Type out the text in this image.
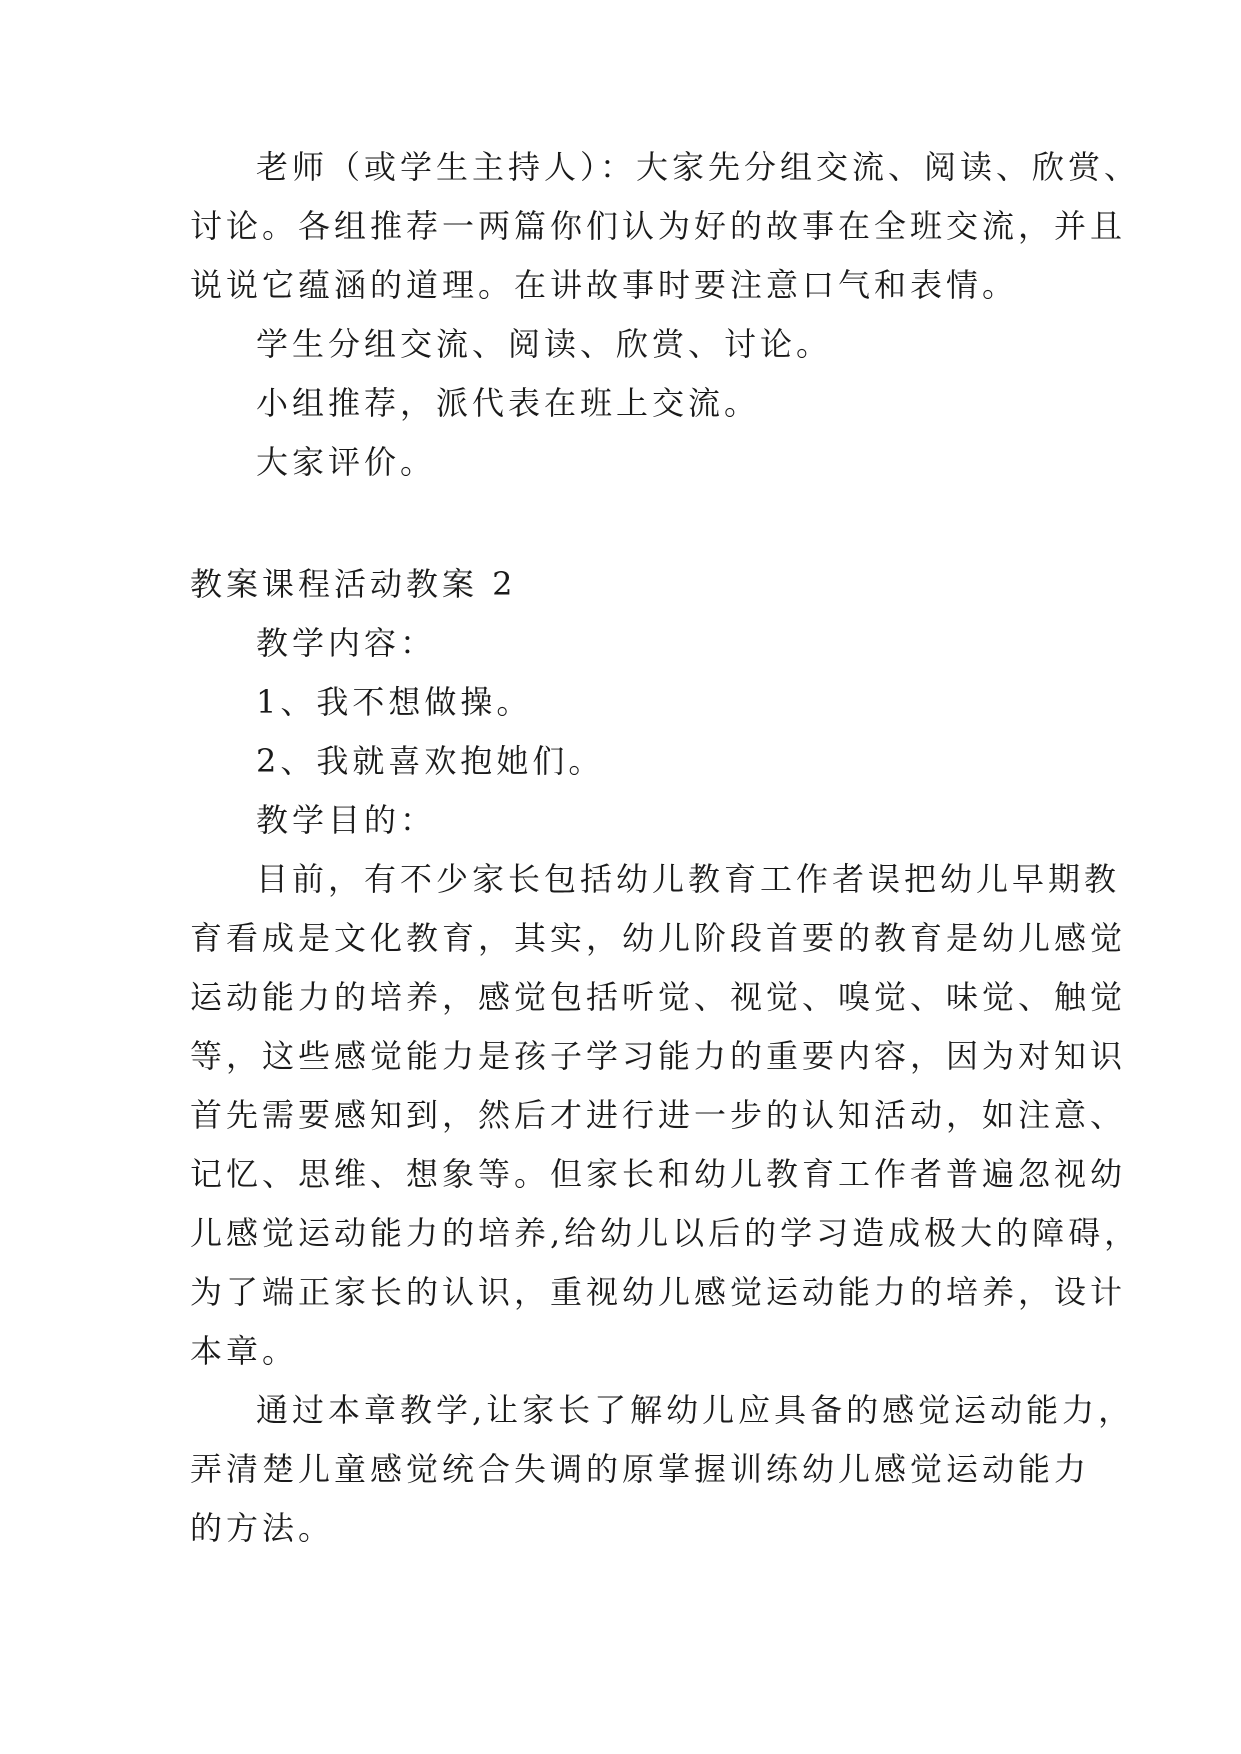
老师（或学生主持人）：大家先分组交流、阅读、欣赏、
讨论。各组推荐一两篇你们认为好的故事在全班交流，并且
说说它蕴涵的道理。在讲故事时要注意口气和表情。
学生分组交流、阅读、欣赏、讨论。
小组推荐，派代表在班上交流。
大家评价。
教案课程活动教案 2
教学内容：
1、我不想做操。
2、我就喜欢抱她们。
教学目的：
目前，有不少家长包括幼儿教育工作者误把幼儿早期教
育看成是文化教育，其实，幼儿阶段首要的教育是幼儿感觉
运动能力的培养，感觉包括听觉、视觉、嗅觉、味觉、触觉
等，这些感觉能力是孩子学习能力的重要内容，因为对知识
首先需要感知到，然后才进行进一步的认知活动，如注意、
记忆、思维、想象等。但家长和幼儿教育工作者普遍忽视幼
儿感觉运动能力的培养,给幼儿以后的学习造成极大的障碍，
为了端正家长的认识，重视幼儿感觉运动能力的培养，设计
本章。
通过本章教学,让家长了解幼儿应具备的感觉运动能力，
弄清楚儿童感觉统合失调的原掌握训练幼儿感觉运动能力
的方法。
